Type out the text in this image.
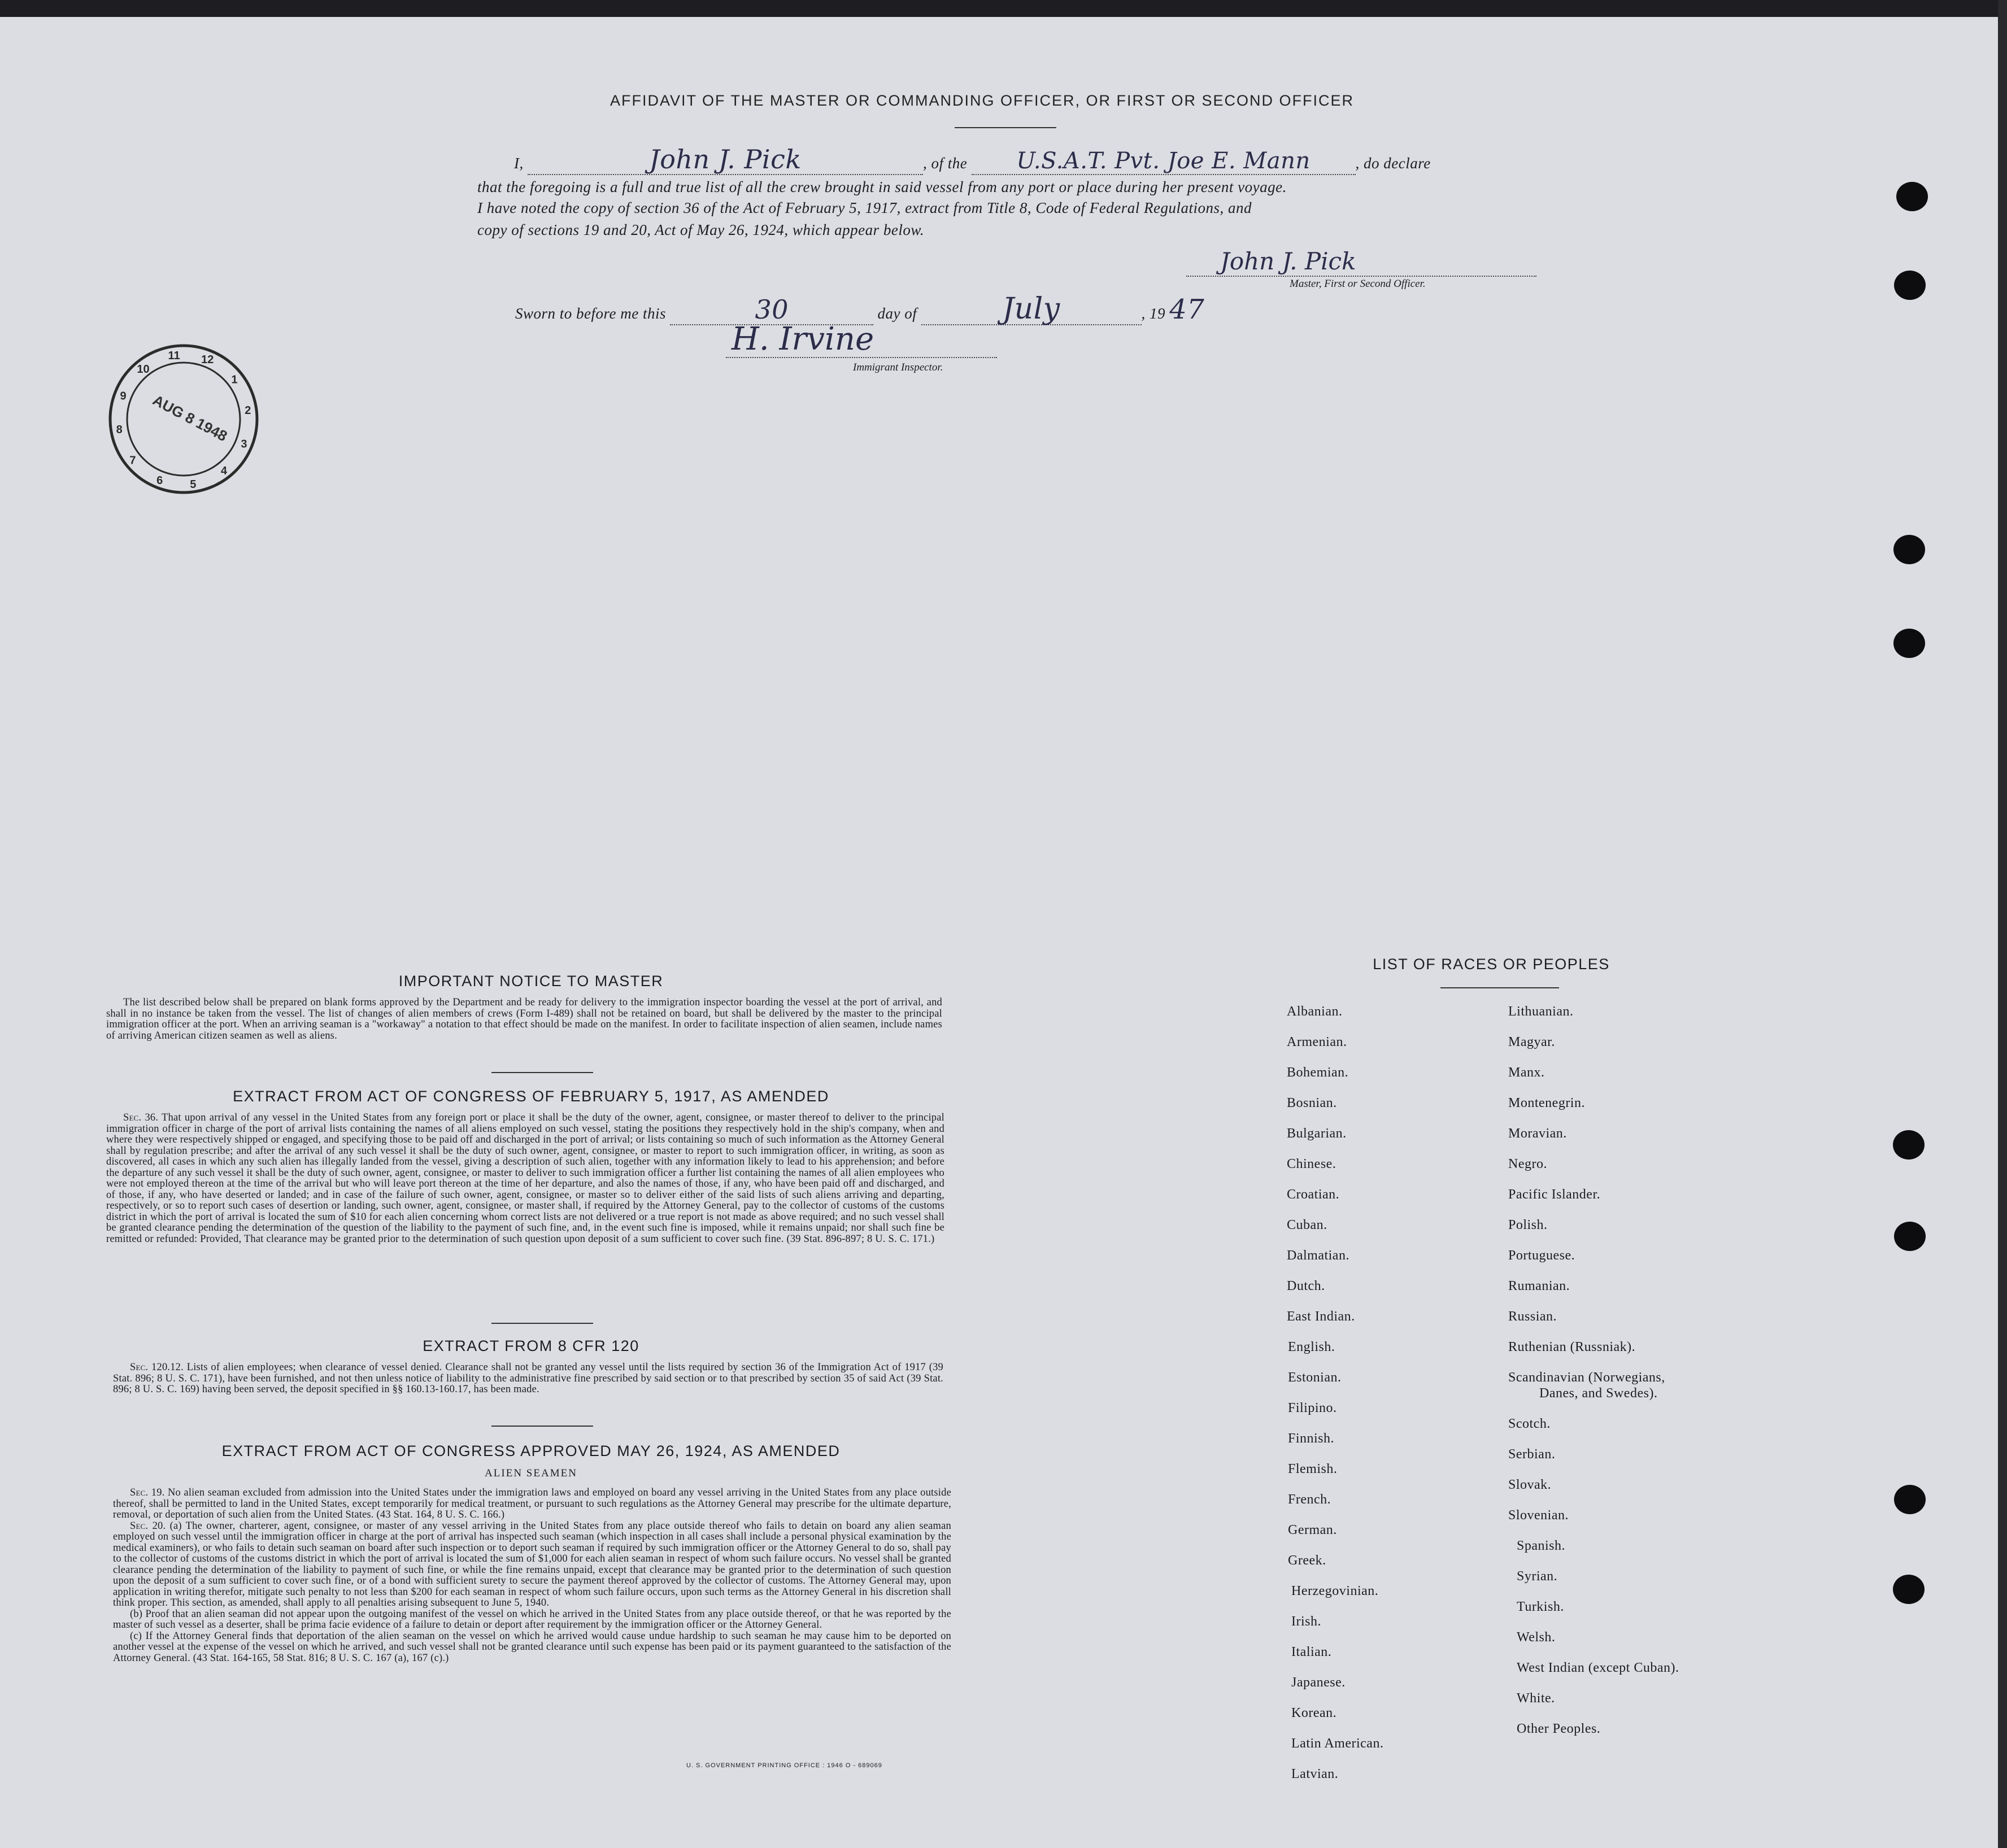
AFFIDAVIT OF THE MASTER OR COMMANDING OFFICER, OR FIRST OR SECOND OFFICER
I,	John J. Pick	, of the U.S.A.T. Pvt. Joe E. Mann	, do declare
that the foregoing is a full and true list of all the crew brought in said vessel from any port or place during her present voyage.
I have noted the copy of section 36 of the Act of February 5, 1917, extract from Title 8, Code of Federal Regulations, and
copy of sections 19 and 20, Act of May 26, 1924, which appear below.
Sworn to before me this	30	day of	July	, 19 47
John J. Pick
Master, First or Second Officer.
H. Irvine
Immigrant Inspector.
1
2
3
4
5
6
7
8
9
10
11 12
AUG 8 1948
IMPORTANT NOTICE TO MASTER

The list described below shall be prepared on blank forms approved by the Department and be ready for delivery to the immigration inspector boarding the vessel at the port of arrival, and shall in no instance be taken from the vessel. The list of changes of alien members of crews (Form I-489) shall not be retained on board, but shall be delivered by the master to the principal immigration officer at the port. When an arriving seaman is a "workaway" a notation to that effect should be made on the manifest. In order to facilitate inspection of alien seamen, include names of arriving American citizen seamen as well as aliens.

EXTRACT FROM ACT OF CONGRESS OF FEBRUARY 5, 1917, AS AMENDED

Sec. 36. That upon arrival of any vessel in the United States from any foreign port or place it shall be the duty of the owner, agent, consignee, or master thereof to deliver to the principal immigration officer in charge of the port of arrival lists containing the names of all aliens employed on such vessel, stating the positions they respectively hold in the ship's company, when and where they were respectively shipped or engaged, and specifying those to be paid off and discharged in the port of arrival; or lists containing so much of such information as the Attorney General shall by regulation prescribe; and after the arrival of any such vessel it shall be the duty of such owner, agent, consignee, or master to report to such immigration officer, in writing, as soon as discovered, all cases in which any such alien has illegally landed from the vessel, giving a description of such alien, together with any information likely to lead to his apprehension; and before the departure of any such vessel it shall be the duty of such owner, agent, consignee, or master to deliver to such immigration officer a further list containing the names of all alien employees who were not employed thereon at the time of the arrival but who will leave port thereon at the time of her departure, and also the names of those, if any, who have been paid off and discharged, and of those, if any, who have deserted or landed; and in case of the failure of such owner, agent, consignee, or master so to deliver either of the said lists of such aliens arriving and departing, respectively, or so to report such cases of desertion or landing, such owner, agent, consignee, or master shall, if required by the Attorney General, pay to the collector of customs of the customs district in which the port of arrival is located the sum of $10 for each alien concerning whom correct lists are not delivered or a true report is not made as above required; and no such vessel shall be granted clearance pending the determination of the question of the liability to the payment of such fine, and, in the event such fine is imposed, while it remains unpaid; nor shall such fine be remitted or refunded: Provided, That clearance may be granted prior to the determination of such question upon deposit of a sum sufficient to cover such fine. (39 Stat. 896-897; 8 U. S. C. 171.)

EXTRACT FROM 8 CFR 120

Sec. 120.12. Lists of alien employees; when clearance of vessel denied. Clearance shall not be granted any vessel until the lists required by section 36 of the Immigration Act of 1917 (39 Stat. 896; 8 U. S. C. 171), have been furnished, and not then unless notice of liability to the administrative fine prescribed by said section or to that prescribed by section 35 of said Act (39 Stat. 896; 8 U. S. C. 169) having been served, the deposit specified in §§ 160.13-160.17, has been made.

EXTRACT FROM ACT OF CONGRESS APPROVED MAY 26, 1924, AS AMENDED
ALIEN SEAMEN

Sec. 19. No alien seaman excluded from admission into the United States under the immigration laws and employed on board any vessel arriving in the United States from any place outside thereof, shall be permitted to land in the United States, except temporarily for medical treatment, or pursuant to such regulations as the Attorney General may prescribe for the ultimate departure, removal, or deportation of such alien from the United States. (43 Stat. 164, 8 U. S. C. 166.)

Sec. 20. (a) The owner, charterer, agent, consignee, or master of any vessel arriving in the United States from any place outside thereof who fails to detain on board any alien seaman employed on such vessel until the immigration officer in charge at the port of arrival has inspected such seaman (which inspection in all cases shall include a personal physical examination by the medical examiners), or who fails to detain such seaman on board after such inspection or to deport such seaman if required by such immigration officer or the Attorney General to do so, shall pay to the collector of customs of the customs district in which the port of arrival is located the sum of $1,000 for each alien seaman in respect of whom such failure occurs. No vessel shall be granted clearance pending the determination of the liability to payment of such fine, or while the fine remains unpaid, except that clearance may be granted prior to the determination of such question upon the deposit of a sum sufficient to cover such fine, or of a bond with sufficient surety to secure the payment thereof approved by the collector of customs. The Attorney General may, upon application in writing therefor, mitigate such penalty to not less than $200 for each seaman in respect of whom such failure occurs, upon such terms as the Attorney General in his discretion shall think proper. This section, as amended, shall apply to all penalties arising subsequent to June 5, 1940.

(b) Proof that an alien seaman did not appear upon the outgoing manifest of the vessel on which he arrived in the United States from any place outside thereof, or that he was reported by the master of such vessel as a deserter, shall be prima facie evidence of a failure to detain or deport after requirement by the immigration officer or the Attorney General.

(c) If the Attorney General finds that deportation of the alien seaman on the vessel on which he arrived would cause undue hardship to such seaman he may cause him to be deported on another vessel at the expense of the vessel on which he arrived, and such vessel shall not be granted clearance until such expense has been paid or its payment guaranteed to the satisfaction of the Attorney General. (43 Stat. 164-165, 58 Stat. 816; 8 U. S. C. 167 (a), 167 (c).)

U. S. GOVERNMENT PRINTING OFFICE : 1946 O - 689069
LIST OF RACES OR PEOPLES
Albanian.
Armenian.
Bohemian.
Bosnian.
Bulgarian.
Chinese.
Croatian.
Cuban.
Dalmatian.
Dutch.
East Indian.
English.
Estonian.
Filipino.
Finnish.
Flemish.
French.
German.
Greek.
Herzegovinian.
Irish.
Italian.
Japanese.
Korean.
Latin American.
Latvian.
Lithuanian.
Magyar.
Manx.
Montenegrin.
Moravian.
Negro.
Pacific Islander.
Polish.
Portuguese.
Rumanian.
Russian.
Ruthenian (Russniak).
Scandinavian (Norwegians,
Danes, and Swedes).
Scotch.
Serbian.
Slovak.
Slovenian.
Spanish.
Syrian.
Turkish.
Welsh.
West Indian (except Cuban).
White.
Other Peoples.
